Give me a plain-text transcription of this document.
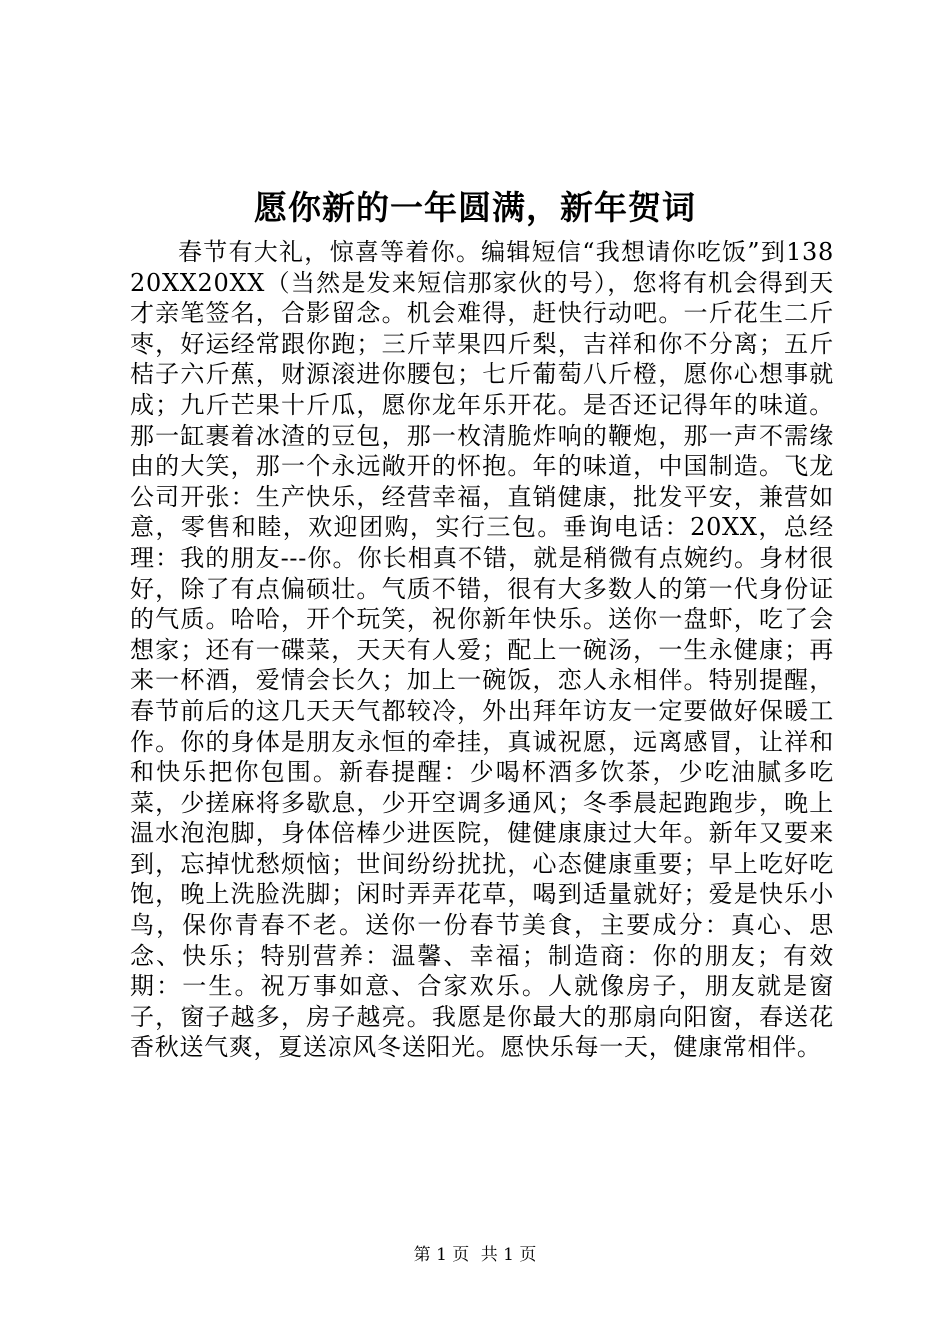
愿你新的一年圆满，新年贺词

春节有大礼，惊喜等着你。编辑短信“我想请你吃饭”到13820XX20XX（当然是发来短信那家伙的号），您将有机会得到天才亲笔签名，合影留念。机会难得，赶快行动吧。一斤花生二斤枣，好运经常跟你跑；三斤苹果四斤梨，吉祥和你不分离；五斤桔子六斤蕉，财源滚进你腰包；七斤葡萄八斤橙，愿你心想事就成；九斤芒果十斤瓜，愿你龙年乐开花。是否还记得年的味道。那一缸裹着冰渣的豆包，那一枚清脆炸响的鞭炮，那一声不需缘由的大笑，那一个永远敞开的怀抱。年的味道，中国制造。飞龙公司开张：生产快乐，经营幸福，直销健康，批发平安，兼营如意，零售和睦，欢迎团购，实行三包。垂询电话：20XX，总经理：我的朋友---你。你长相真不错，就是稍微有点婉约。身材很好，除了有点偏硕壮。气质不错，很有大多数人的第一代身份证的气质。哈哈，开个玩笑，祝你新年快乐。送你一盘虾，吃了会想家；还有一碟菜，天天有人爱；配上一碗汤，一生永健康；再来一杯酒，爱情会长久；加上一碗饭，恋人永相伴。特别提醒，春节前后的这几天天气都较冷，外出拜年访友一定要做好保暖工作。你的身体是朋友永恒的牵挂，真诚祝愿，远离感冒，让祥和和快乐把你包围。新春提醒：少喝杯酒多饮茶，少吃油腻多吃菜，少搓麻将多歇息，少开空调多通风；冬季晨起跑跑步，晚上温水泡泡脚，身体倍棒少进医院，健健康康过大年。新年又要来到，忘掉忧愁烦恼；世间纷纷扰扰，心态健康重要；早上吃好吃饱，晚上洗脸洗脚；闲时弄弄花草，喝到适量就好；爱是快乐小鸟，保你青春不老。送你一份春节美食，主要成分：真心、思念、快乐；特别营养：温馨、幸福；制造商：你的朋友；有效期：一生。祝万事如意、合家欢乐。人就像房子，朋友就是窗子，窗子越多，房子越亮。我愿是你最大的那扇向阳窗，春送花香秋送气爽，夏送凉风冬送阳光。愿快乐每一天，健康常相伴。

第 1 页 共 1 页
